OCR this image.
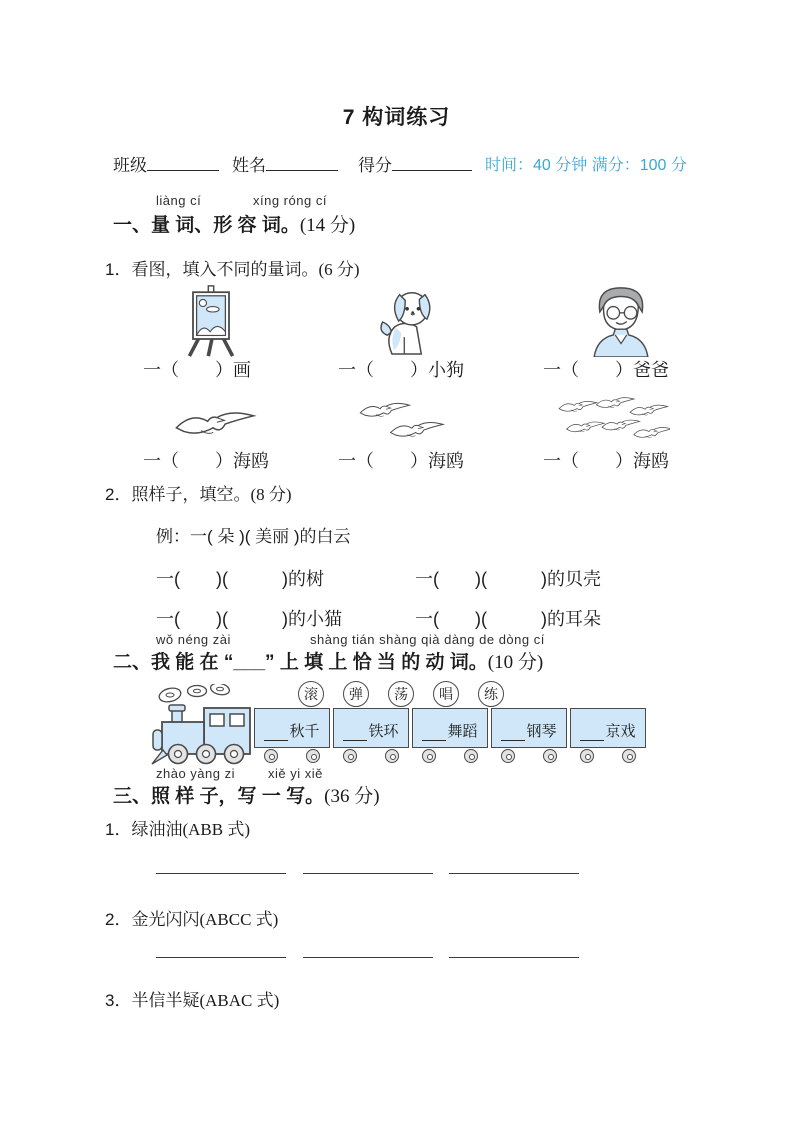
7 构词练习
班级	姓名	得分	时间：40 分钟 满分：100 分
liàng cí	xíng róng cí
一、量 词、形 容 词。(14 分)
1．看图，填入不同的量词。(6 分)
一（　　）画	一（　　）小狗	一（　　）爸爸
一（　　）海鸥	一（　　）海鸥	一（　　）海鸥
2．照样子，填空。(8 分)
例：一( 朵 )( 美丽 )的白云
一(　　)(　　　)的树	一(　　)(　　　)的贝壳
一(　　)(　　　)的小猫	一(　　)(　　　)的耳朵
wǒ néng zài	shàng tián shàng qià dàng de dòng cí
二、我 能 在 “___” 上 填 上 恰 当 的 动 词。(10 分)
滚	弹	荡	唱	练
秋千	铁环	舞蹈	钢琴	京戏
zhào yàng zi	xiě yi xiě
三、照 样 子，写 一 写。(36 分)
1．绿油油(ABB 式)
2．金光闪闪(ABCC 式)
3．半信半疑(ABAC 式)
